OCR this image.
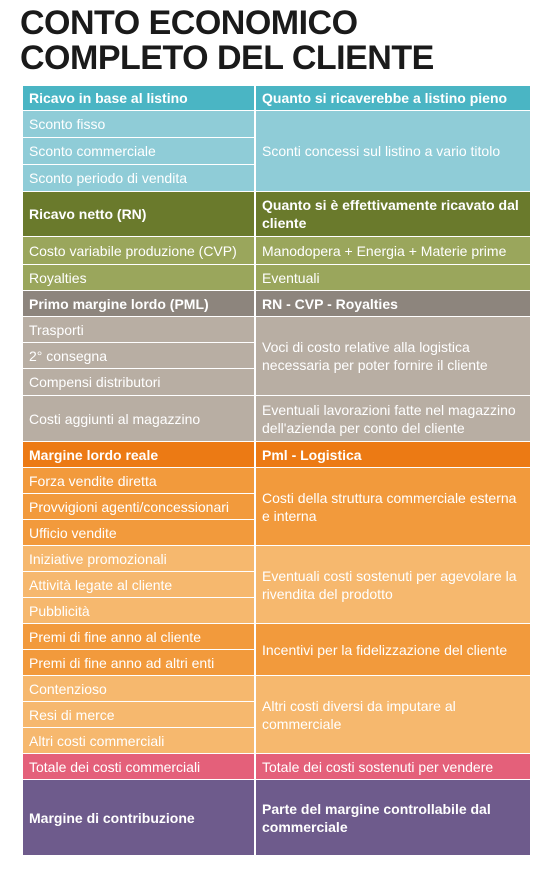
CONTO ECONOMICO
COMPLETO DEL CLIENTE
Ricavo in base al listino	Quanto si ricaverebbe a listino pieno
Sconto fisso	Sconti concessi sul listino a vario titolo
Sconto commerciale	
Sconto periodo di vendita	
Ricavo netto (RN)	Quanto si è effettivamente ricavato dal cliente
Costo variabile produzione (CVP)	Manodopera + Energia + Materie prime
Royalties	Eventuali
Primo margine lordo (PML)	RN - CVP - Royalties
Trasporti	Voci di costo relative alla logistica necessaria per poter fornire il cliente
2° consegna	
Compensi distributori	
Costi aggiunti al magazzino	Eventuali lavorazioni fatte nel magazzino dell'azienda per conto del cliente
Margine lordo reale	Pml - Logistica
Forza vendite diretta	Costi della struttura commerciale esterna e interna
Provvigioni agenti/concessionari	
Ufficio vendite	
Iniziative promozionali	Eventuali costi sostenuti per agevolare la rivendita del prodotto
Attività legate al cliente	
Pubblicità	
Premi di fine anno al cliente	Incentivi per la fidelizzazione del cliente
Premi di fine anno ad altri enti	
Contenzioso	Altri costi diversi da imputare al commerciale
Resi di merce	
Altri costi commerciali	
Totale dei costi commerciali	Totale dei costi sostenuti per vendere
Margine di contribuzione	Parte del margine controllabile dal commerciale
